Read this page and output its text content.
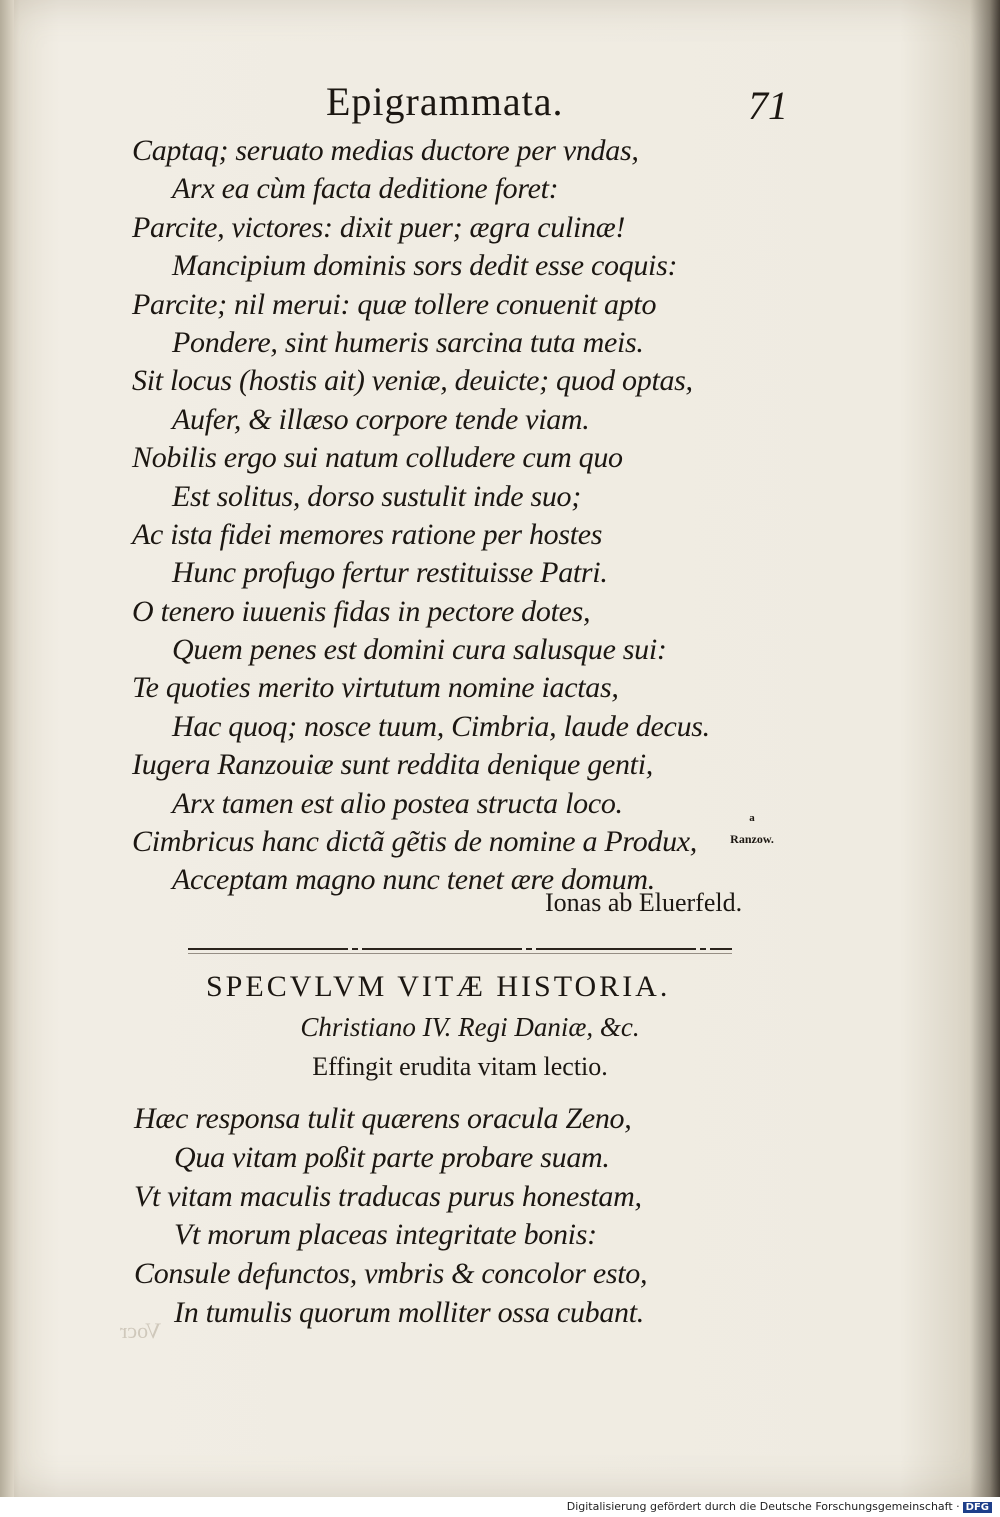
Epigrammata.	71
Captaq; seruato medias ductore per vndas,
Arx ea cùm facta deditione foret:
Parcite, victores: dixit puer; ægra culinæ!
Mancipium dominis sors dedit esse coquis:
Parcite; nil merui: quæ tollere conuenit apto
Pondere, sint humeris sarcina tuta meis.
Sit locus (hostis ait) veniæ, deuicte; quod optas,
Aufer, & illæso corpore tende viam.
Nobilis ergo sui natum colludere cum quo
Est solitus, dorso sustulit inde suo;
Ac ista fidei memores ratione per hostes
Hunc profugo fertur restituisse Patri.
O tenero iuuenis fidas in pectore dotes,
Quem penes est domini cura salusque sui:
Te quoties merito virtutum nomine iactas,
Hac quoq; nosce tuum, Cimbria, laude decus.
Iugera Ranzouiæ sunt reddita denique genti,
Arx tamen est alio postea structa loco.
Cimbricus hanc dictã gẽtis de nomine a Produx,
Acceptam magno nunc tenet ære domum.
a
Ranzow.
Ionas ab Eluerfeld.
SPECVLVM VITÆ HISTORIA.
Christiano IV. Regi Daniæ, &c.
Effingit erudita vitam lectio.
Hæc responsa tulit quærens oracula Zeno,
Qua vitam poßit parte probare suam.
Vt vitam maculis traducas purus honestam,
Vt morum placeas integritate bonis:
Consule defunctos, vmbris & concolor esto,
In tumulis quorum molliter ossa cubant.
Vocr
Digitalisierung gefördert durch die Deutsche Forschungsgemeinschaft · DFG
